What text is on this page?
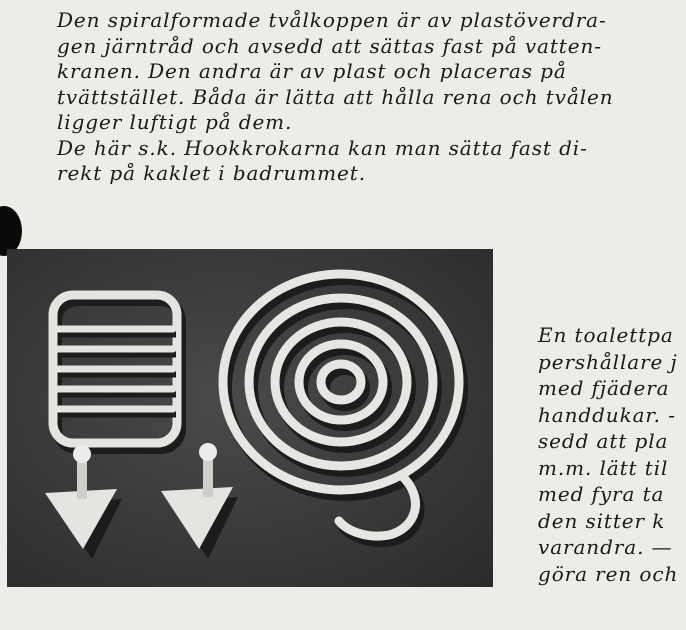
Den spiralformade tvålkoppen är av plastöverdra-
gen järntråd och avsedd att sättas fast på vatten-
kranen. Den andra är av plast och placeras på
tvättstället. Båda är lätta att hålla rena och tvålen
ligger luftigt på dem.
De här s.k. Hookkrokarna kan man sätta fast di-
rekt på kaklet i badrummet.
En toalettpa
pershållare j
med fjädera
handdukar. -
sedd att pla
m.m. lätt til
med fyra ta
den sitter k
varandra. —
göra ren och
